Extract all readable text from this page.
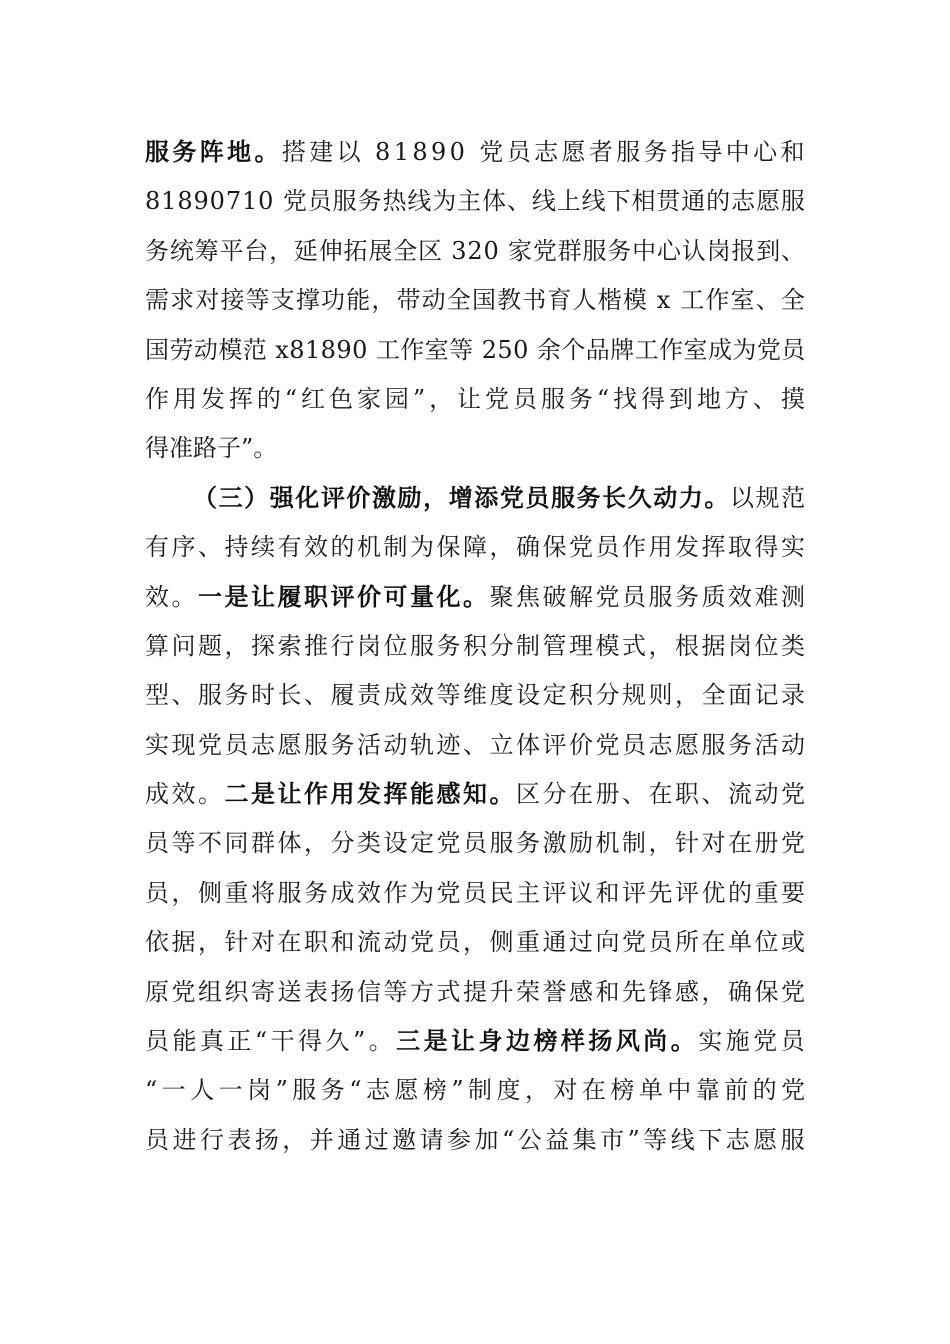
服务阵地。搭建以 81890 党员志愿者服务指导中心和
81890710 党员服务热线为主体、线上线下相贯通的志愿服
务统筹平台，延伸拓展全区 320 家党群服务中心认岗报到、
需求对接等支撑功能，带动全国教书育人楷模 x 工作室、全
国劳动模范 x81890 工作室等 250 余个品牌工作室成为党员
作用发挥的“红色家园”，让党员服务“找得到地方、摸
得准路子”。
（三）强化评价激励，增添党员服务长久动力。以规范
有序、持续有效的机制为保障，确保党员作用发挥取得实
效。一是让履职评价可量化。聚焦破解党员服务质效难测
算问题，探索推行岗位服务积分制管理模式，根据岗位类
型、服务时长、履责成效等维度设定积分规则，全面记录
实现党员志愿服务活动轨迹、立体评价党员志愿服务活动
成效。二是让作用发挥能感知。区分在册、在职、流动党
员等不同群体，分类设定党员服务激励机制，针对在册党
员，侧重将服务成效作为党员民主评议和评先评优的重要
依据，针对在职和流动党员，侧重通过向党员所在单位或
原党组织寄送表扬信等方式提升荣誉感和先锋感，确保党
员能真正“干得久”。三是让身边榜样扬风尚。实施党员
“一人一岗”服务“志愿榜”制度，对在榜单中靠前的党
员进行表扬，并通过邀请参加“公益集市”等线下志愿服
